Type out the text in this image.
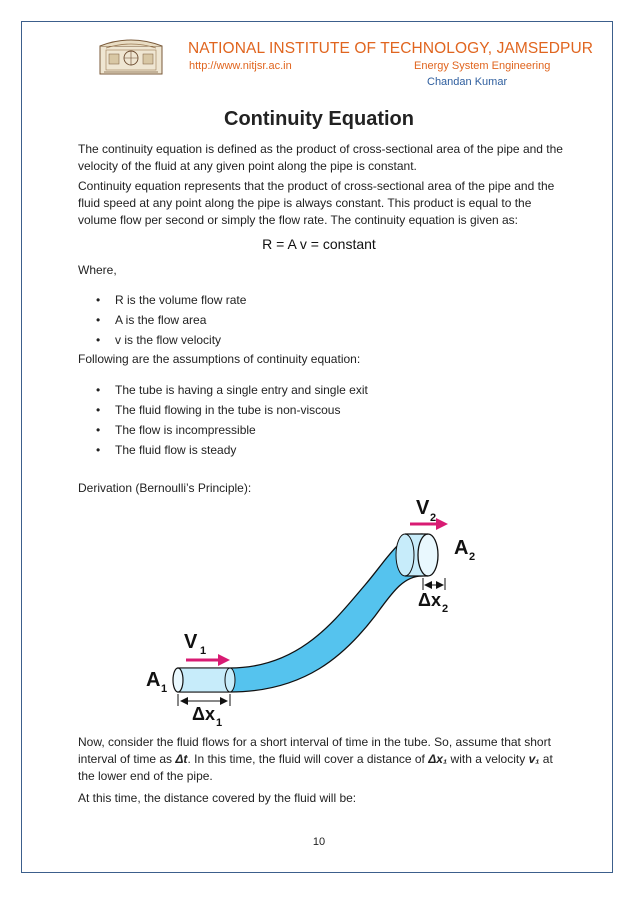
NATIONAL INSTITUTE OF TECHNOLOGY, JAMSEDPUR
http://www.nitjsr.ac.in	Energy System Engineering
Chandan Kumar
Continuity Equation
The continuity equation is defined as the product of cross-sectional area of the pipe and the velocity of the fluid at any given point along the pipe is constant.
Continuity equation represents that the product of cross-sectional area of the pipe and the fluid speed at any point along the pipe is always constant. This product is equal to the volume flow per second or simply the flow rate. The continuity equation is given as:
R = A v = constant
Where,
• R is the volume flow rate
• A is the flow area
• v is the flow velocity
Following are the assumptions of continuity equation:
• The tube is having a single entry and single exit
• The fluid flowing in the tube is non-viscous
• The flow is incompressible
• The fluid flow is steady
Derivation (Bernoulli’s Principle):
V 1
V 2
A 1
A 2
Δx 1
Δx 2
Now, consider the fluid flows for a short interval of time in the tube. So, assume that short interval of time as Δt. In this time, the fluid will cover a distance of Δx₁ with a velocity v₁ at the lower end of the pipe.
At this time, the distance covered by the fluid will be:
10
